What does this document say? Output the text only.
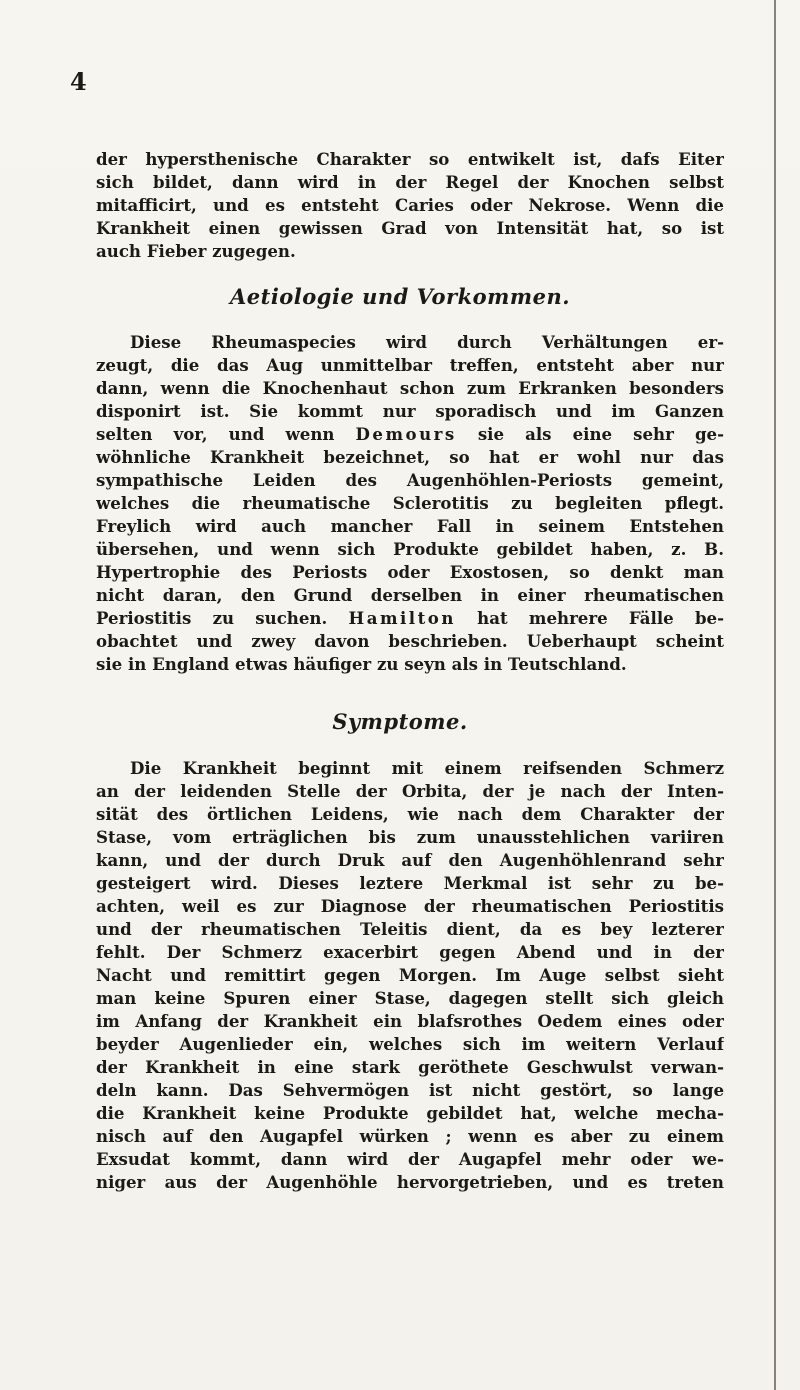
4
der hypersthenische Charakter so entwikelt ist, dafs Eiter
sich bildet, dann wird in der Regel der Knochen selbst
mitafficirt, und es entsteht Caries oder Nekrose. Wenn die
Krankheit einen gewissen Grad von Intensität hat, so ist
auch Fieber zugegen.
Aetiologie und Vorkommen.
Diese Rheumaspecies wird durch Verhältungen er-
zeugt, die das Aug unmittelbar treffen, entsteht aber nur
dann, wenn die Knochenhaut schon zum Erkranken besonders
disponirt ist. Sie kommt nur sporadisch und im Ganzen
selten vor, und wenn Demours sie als eine sehr ge-
wöhnliche Krankheit bezeichnet, so hat er wohl nur das
sympathische Leiden des Augenhöhlen-Periosts gemeint,
welches die rheumatische Sclerotitis zu begleiten pflegt.
Freylich wird auch mancher Fall in seinem Entstehen
übersehen, und wenn sich Produkte gebildet haben, z. B.
Hypertrophie des Periosts oder Exostosen, so denkt man
nicht daran, den Grund derselben in einer rheumatischen
Periostitis zu suchen. Hamilton hat mehrere Fälle be-
obachtet und zwey davon beschrieben. Ueberhaupt scheint
sie in England etwas häufiger zu seyn als in Teutschland.
Symptome.
Die Krankheit beginnt mit einem reifsenden Schmerz
an der leidenden Stelle der Orbita, der je nach der Inten-
sität des örtlichen Leidens, wie nach dem Charakter der
Stase, vom erträglichen bis zum unausstehlichen variiren
kann, und der durch Druk auf den Augenhöhlenrand sehr
gesteigert wird. Dieses leztere Merkmal ist sehr zu be-
achten, weil es zur Diagnose der rheumatischen Periostitis
und der rheumatischen Teleitis dient, da es bey lezterer
fehlt. Der Schmerz exacerbirt gegen Abend und in der
Nacht und remittirt gegen Morgen. Im Auge selbst sieht
man keine Spuren einer Stase, dagegen stellt sich gleich
im Anfang der Krankheit ein blafsrothes Oedem eines oder
beyder Augenlieder ein, welches sich im weitern Verlauf
der Krankheit in eine stark geröthete Geschwulst verwan-
deln kann. Das Sehvermögen ist nicht gestört, so lange
die Krankheit keine Produkte gebildet hat, welche mecha-
nisch auf den Augapfel würken ; wenn es aber zu einem
Exsudat kommt, dann wird der Augapfel mehr oder we-
niger aus der Augenhöhle hervorgetrieben, und es treten
